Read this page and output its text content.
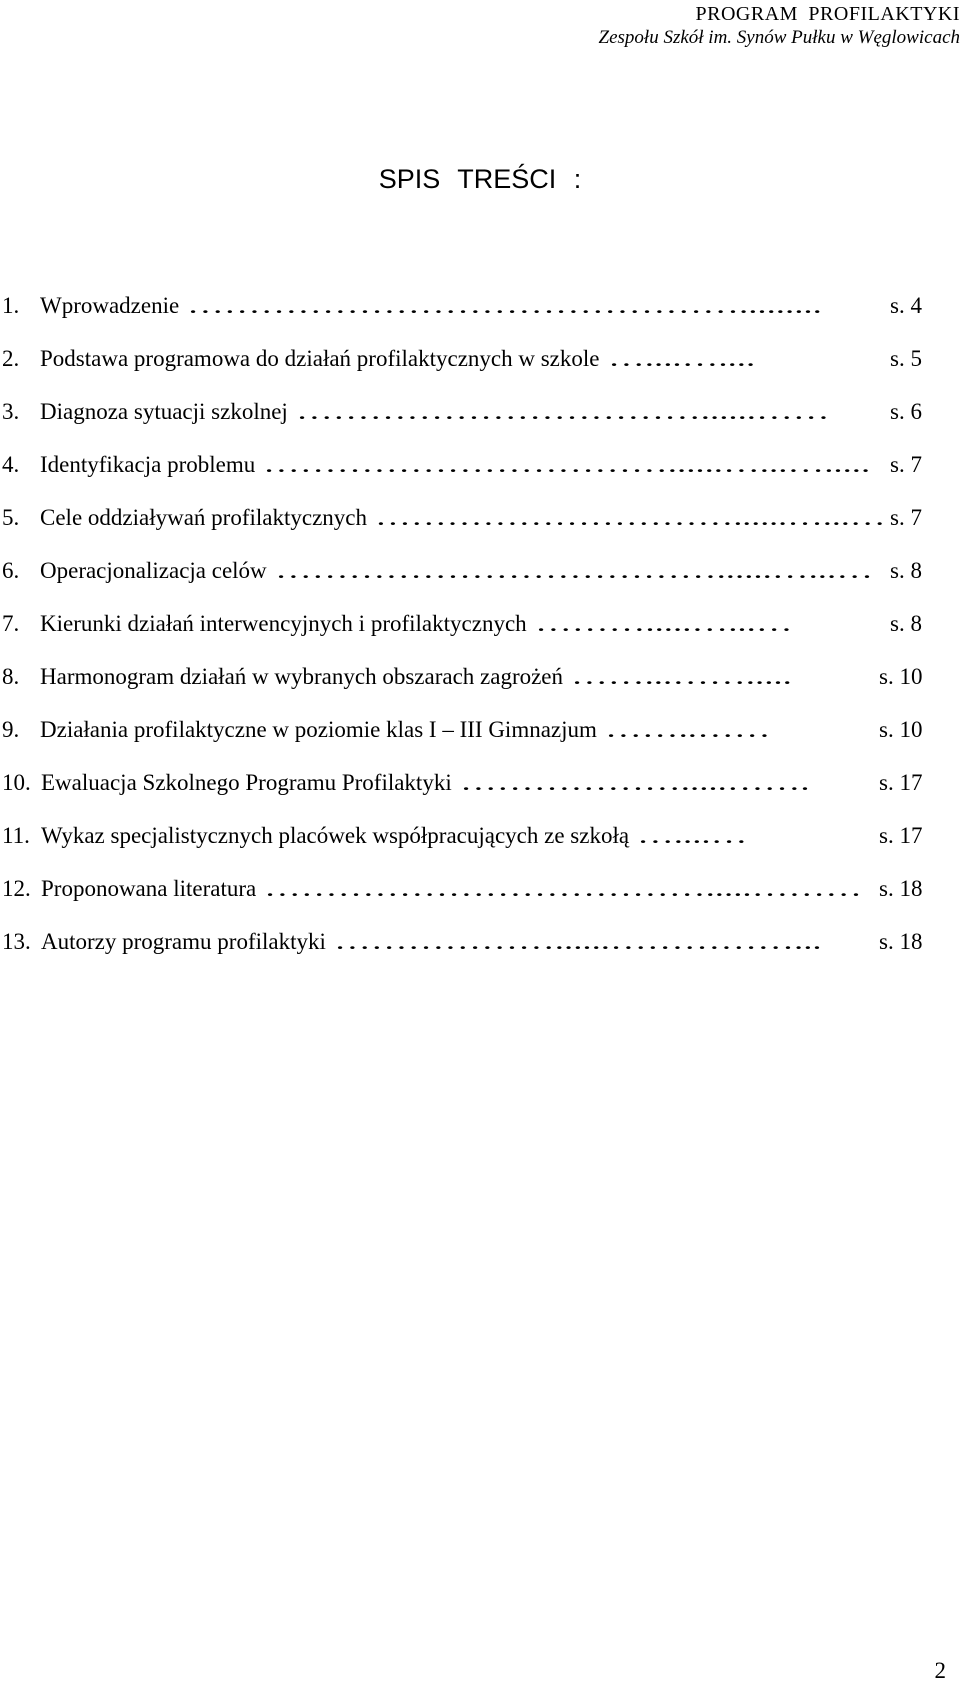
PROGRAM PROFILAKTYKI
Zespołu Szkół im. Synów Pułku w Węglowicach
SPIS TREŚCI :
1. Wprowadzenie ……………………………………….........	s. 4
2. Podstawa programowa do działań profilaktycznych w szkole …....…....	s. 5
3. Diagnoza sytuacji szkolnej ……………………………......……	s. 6
4. Identyfikacja problemu ……………………………......…...…..... s. 7
5. Cele oddziaływań profilaktycznych …………………………......…...… s. 7
6. Operacjonalizacja celów ………………………………......…...… s. 8
7. Kierunki działań interwencyjnych i profilaktycznych ……….....…...…	s. 8
8. Harmonogram działań w wybranych obszarach zagrożeń ……...…….....	s. 10
9. Działania profilaktyczne w poziomie klas I – III Gimnazjum ……..……	s. 10
10. Ewaluacja Szkolnego Programu Profilaktyki ……………….....…….	s. 17
11. Wykaz specjalistycznych placówek współpracujących ze szkołą …....…	s. 17
12. Proponowana literatura ……………………………….....……… s. 18
13. Autorzy programu profilaktyki ………………......……………... s. 18
2
